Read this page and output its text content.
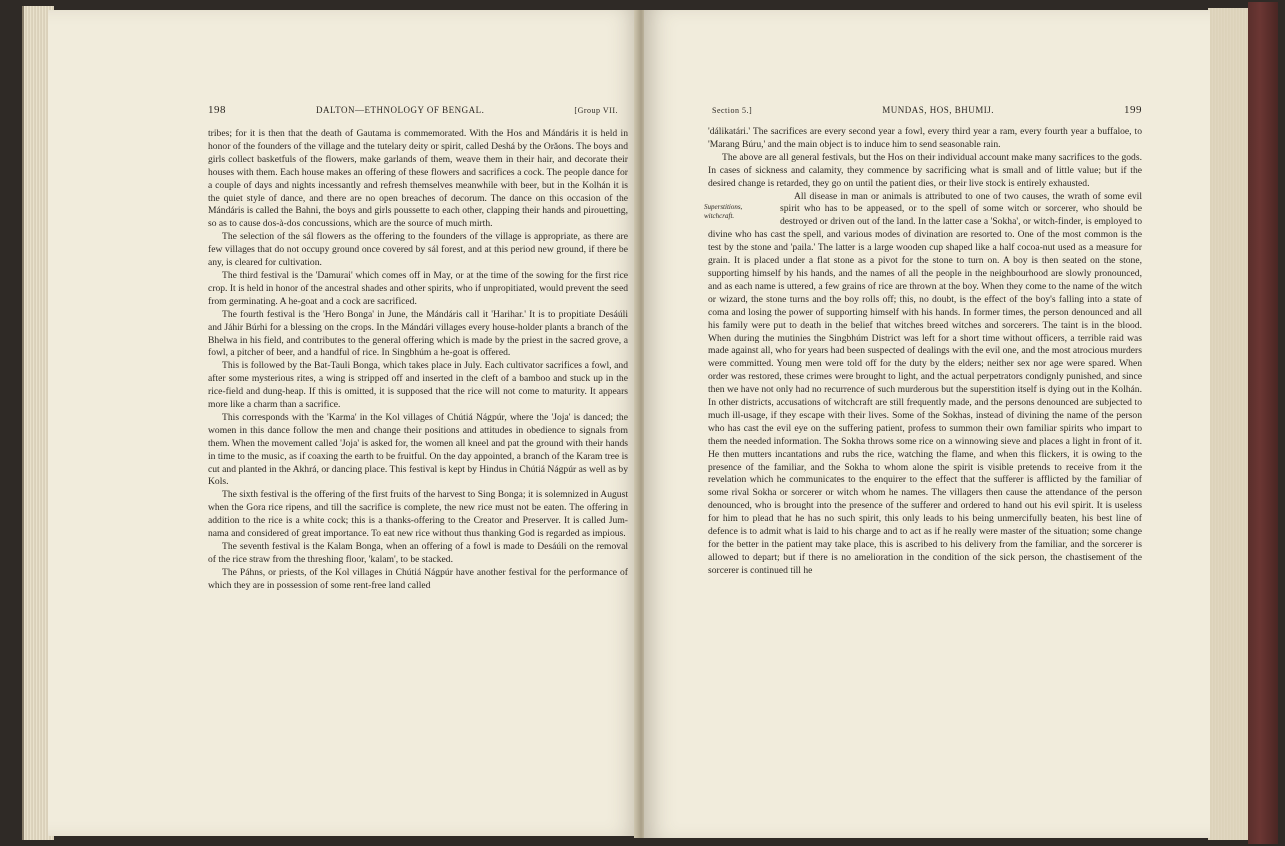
198	DALTON—ETHNOLOGY OF BENGAL.	[Group VII.

tribes; for it is then that the death of Gautama is commemorated. With the Hos and Mándáris it is held in honor of the founders of the village and the tutelary deity or spirit, called Deshá by the Orăons. The boys and girls collect basketfuls of the flowers, make garlands of them, weave them in their hair, and decorate their houses with them. Each house makes an offering of these flowers and sacrifices a cock. The people dance for a couple of days and nights incessantly and refresh themselves meanwhile with beer, but in the Kolhán it is the quiet style of dance, and there are no open breaches of decorum. The dance on this occasion of the Mándáris is called the Bahni, the boys and girls poussette to each other, clapping their hands and pirouetting, so as to cause dos-à-dos concussions, which are the source of much mirth.

The selection of the sál flowers as the offering to the founders of the village is appropriate, as there are few villages that do not occupy ground once covered by sál forest, and at this period new ground, if there be any, is cleared for cultivation.

The third festival is the 'Damurai' which comes off in May, or at the time of the sowing for the first rice crop. It is held in honor of the ancestral shades and other spirits, who if unpropitiated, would prevent the seed from germinating. A he-goat and a cock are sacrificed.

The fourth festival is the 'Hero Bonga' in June, the Mándáris call it 'Harihar.' It is to propitiate Desáúli and Jáhir Búrhi for a blessing on the crops. In the Mándári villages every house-holder plants a branch of the Bhelwa in his field, and contributes to the general offering which is made by the priest in the sacred grove, a fowl, a pitcher of beer, and a handful of rice. In Singbhúm a he-goat is offered.

This is followed by the Bat-Tauli Bonga, which takes place in July. Each cultivator sacrifices a fowl, and after some mysterious rites, a wing is stripped off and inserted in the cleft of a bamboo and stuck up in the rice-field and dung-heap. If this is omitted, it is supposed that the rice will not come to maturity. It appears more like a charm than a sacrifice.

This corresponds with the 'Karma' in the Kol villages of Chútiá Nágpúr, where the 'Joja' is danced; the women in this dance follow the men and change their positions and attitudes in obedience to signals from them. When the movement called 'Joja' is asked for, the women all kneel and pat the ground with their hands in time to the music, as if coaxing the earth to be fruitful. On the day appointed, a branch of the Karam tree is cut and planted in the Akhrá, or dancing place. This festival is kept by Hindus in Chútiá Nágpúr as well as by Kols.

The sixth festival is the offering of the first fruits of the harvest to Sing Bonga; it is solemnized in August when the Gora rice ripens, and till the sacrifice is complete, the new rice must not be eaten. The offering in addition to the rice is a white cock; this is a thanks-offering to the Creator and Preserver. It is called Jum-nama and considered of great importance. To eat new rice without thus thanking God is regarded as impious.

The seventh festival is the Kalam Bonga, when an offering of a fowl is made to Desáúli on the removal of the rice straw from the threshing floor, 'kalam', to be stacked.

The Páhns, or priests, of the Kol villages in Chútiá Nágpúr have another festival for the performance of which they are in possession of some rent-free land called

Section 5.]	MUNDAS, HOS, BHUMIJ.	199

'dálikatári.' The sacrifices are every second year a fowl, every third year a ram, every fourth year a buffaloe, to 'Marang Búru,' and the main object is to induce him to send seasonable rain.

The above are all general festivals, but the Hos on their individual account make many sacrifices to the gods. In cases of sickness and calamity, they commence by sacrificing what is small and of little value; but if the desired change is retarded, they go on until the patient dies, or their live stock is entirely exhausted.

Superstitions, witchcraft.

All disease in man or animals is attributed to one of two causes, the wrath of some evil spirit who has to be appeased, or to the spell of some witch or sorcerer, who should be destroyed or driven out of the land. In the latter case a 'Sokha', or witch-finder, is employed to divine who has cast the spell, and various modes of divination are resorted to. One of the most common is the test by the stone and 'paila.' The latter is a large wooden cup shaped like a half cocoa-nut used as a measure for grain. It is placed under a flat stone as a pivot for the stone to turn on. A boy is then seated on the stone, supporting himself by his hands, and the names of all the people in the neighbourhood are slowly pronounced, and as each name is uttered, a few grains of rice are thrown at the boy. When they come to the name of the witch or wizard, the stone turns and the boy rolls off; this, no doubt, is the effect of the boy's falling into a state of coma and losing the power of supporting himself with his hands. In former times, the person denounced and all his family were put to death in the belief that witches breed witches and sorcerers. The taint is in the blood. When during the mutinies the Singbhúm District was left for a short time without officers, a terrible raid was made against all, who for years had been suspected of dealings with the evil one, and the most atrocious murders were committed. Young men were told off for the duty by the elders; neither sex nor age were spared. When order was restored, these crimes were brought to light, and the actual perpetrators condignly punished, and since then we have not only had no recurrence of such murderous but the superstition itself is dying out in the Kolhán. In other districts, accusations of witchcraft are still frequently made, and the persons denounced are subjected to much ill-usage, if they escape with their lives. Some of the Sokhas, instead of divining the name of the person who has cast the evil eye on the suffering patient, profess to summon their own familiar spirits who impart to them the needed information. The Sokha throws some rice on a winnowing sieve and places a light in front of it. He then mutters incantations and rubs the rice, watching the flame, and when this flickers, it is owing to the presence of the familiar, and the Sokha to whom alone the spirit is visible pretends to receive from it the revelation which he communicates to the enquirer to the effect that the sufferer is afflicted by the familiar of some rival Sokha or sorcerer or witch whom he names. The villagers then cause the attendance of the person denounced, who is brought into the presence of the sufferer and ordered to hand out his evil spirit. It is useless for him to plead that he has no such spirit, this only leads to his being unmercifully beaten, his best line of defence is to admit what is laid to his charge and to act as if he really were master of the situation; some change for the better in the patient may take place, this is ascribed to his delivery from the familiar, and the sorcerer is allowed to depart; but if there is no amelioration in the condition of the sick person, the chastisement of the sorcerer is continued till he
